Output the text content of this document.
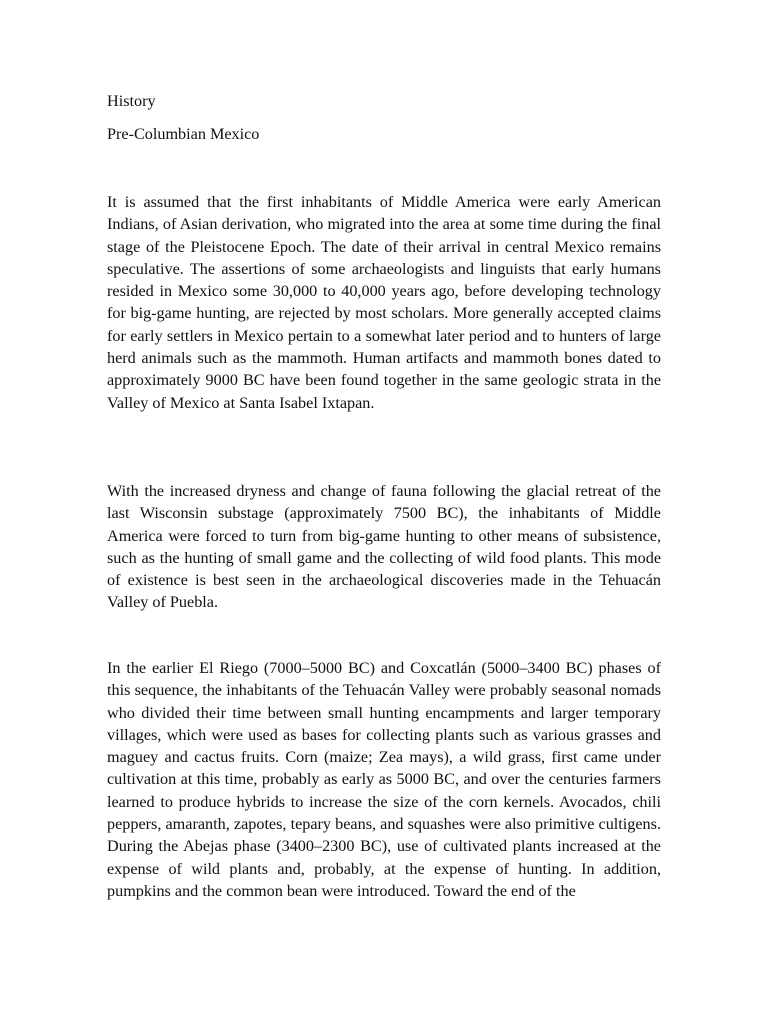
History
Pre-Columbian Mexico

It is assumed that the first inhabitants of Middle America were early American Indians, of Asian derivation, who migrated into the area at some time during the final stage of the Pleistocene Epoch. The date of their arrival in central Mexico remains speculative. The assertions of some archaeologists and linguists that early humans resided in Mexico some 30,000 to 40,000 years ago, before developing technology for big-game hunting, are rejected by most scholars. More generally accepted claims for early settlers in Mexico pertain to a somewhat later period and to hunters of large herd animals such as the mammoth. Human artifacts and mammoth bones dated to approximately 9000 BC have been found together in the same geologic strata in the Valley of Mexico at Santa Isabel Ixtapan.

With the increased dryness and change of fauna following the glacial retreat of the last Wisconsin substage (approximately 7500 BC), the inhabitants of Middle America were forced to turn from big-game hunting to other means of subsistence, such as the hunting of small game and the collecting of wild food plants. This mode of existence is best seen in the archaeological discoveries made in the Tehuacán Valley of Puebla.

In the earlier El Riego (7000–5000 BC) and Coxcatlán (5000–3400 BC) phases of this sequence, the inhabitants of the Tehuacán Valley were probably seasonal nomads who divided their time between small hunting encampments and larger temporary villages, which were used as bases for collecting plants such as various grasses and maguey and cactus fruits. Corn (maize; Zea mays), a wild grass, first came under cultivation at this time, probably as early as 5000 BC, and over the centuries farmers learned to produce hybrids to increase the size of the corn kernels. Avocados, chili peppers, amaranth, zapotes, tepary beans, and squashes were also primitive cultigens. During the Abejas phase (3400–2300 BC), use of cultivated plants increased at the expense of wild plants and, probably, at the expense of hunting. In addition, pumpkins and the common bean were introduced. Toward the end of the
